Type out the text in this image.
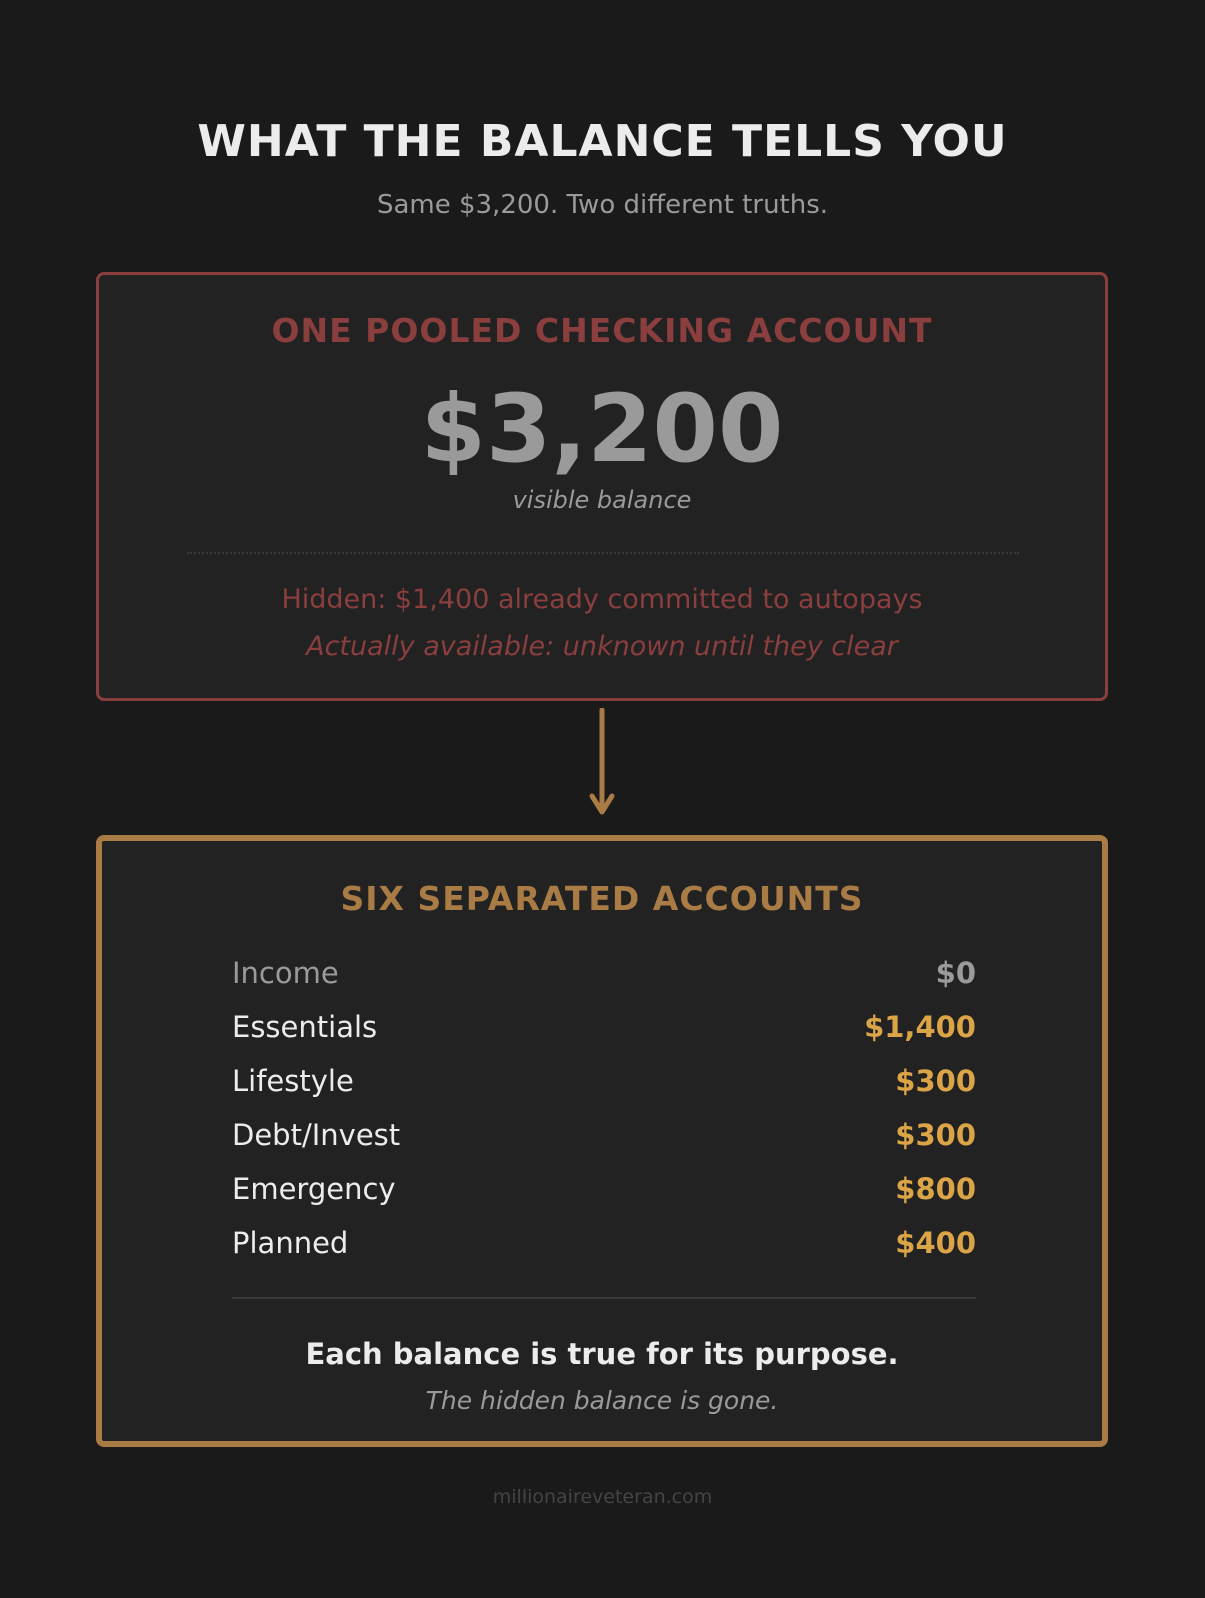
WHAT THE BALANCE TELLS YOU
Same $3,200. Two different truths.
ONE POOLED CHECKING ACCOUNT
$3,200
visible balance
Hidden: $1,400 already committed to autopays
Actually available: unknown until they clear
SIX SEPARATED ACCOUNTS
Income	$0
Essentials	$1,400
Lifestyle	$300
Debt/Invest	$300
Emergency	$800
Planned	$400
Each balance is true for its purpose.
The hidden balance is gone.
millionaireveteran.com
